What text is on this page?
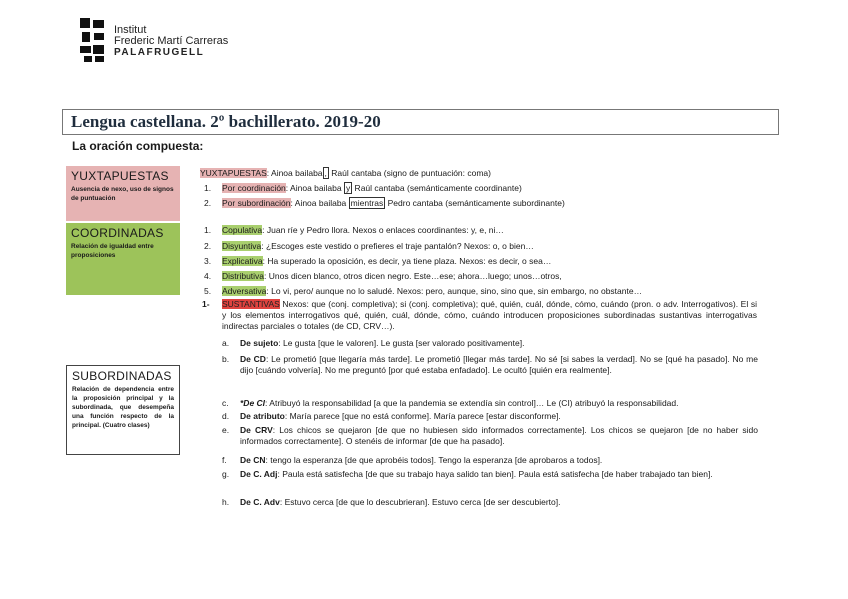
Institut
Frederic Martí Carreras
PALAFRUGELL
Lengua castellana. 2º bachillerato. 2019-20
La oración compuesta:
YUXTAPUESTAS
Ausencia de nexo, uso de signos de puntuación
COORDINADAS
Relación de igualdad entre proposiciones
SUBORDINADAS
Relación de dependencia entre la proposición principal y la subordinada, que desempeña una función respecto de la principal. (Cuatro clases)
YUXTAPUESTAS: Ainoa bailaba , Raúl cantaba (signo de puntuación: coma)
1. Por coordinación: Ainoa bailaba y Raúl cantaba (semánticamente coordinante)
2. Por subordinación: Ainoa bailaba mientras Pedro cantaba (semánticamente subordinante)
1. Copulativa: Juan ríe y Pedro llora. Nexos o enlaces coordinantes: y, e, ni…
2. Disyuntiva: ¿Escoges este vestido o prefieres el traje pantalón? Nexos: o, o bien…
3. Explicativa: Ha superado la oposición, es decir, ya tiene plaza. Nexos: es decir, o sea…
4. Distributiva: Unos dicen blanco, otros dicen negro. Este…ese; ahora…luego; unos…otros,
5. Adversativa: Lo vi, pero/ aunque no lo saludé. Nexos: pero, aunque, sino, sino que, sin embargo, no obstante…
1- SUSTANTIVAS Nexos: que (conj. completiva); si (conj. completiva); qué, quién, cuál, dónde, cómo, cuándo (pron. o adv. Interrogativos). El si y los elementos interrogativos qué, quién, cuál, dónde, cómo, cuándo introducen proposiciones subordinadas sustantivas interrogativas indirectas parciales o totales (de CD, CRV…).
a. De sujeto: Le gusta [que le valoren]. Le gusta [ser valorado positivamente].
b. De CD: Le prometió [que llegaría más tarde]. Le prometió [llegar más tarde]. No sé [si sabes la verdad]. No se [qué ha pasado]. No me dijo [cuándo volvería]. No me preguntó [por qué estaba enfadado]. Le ocultó [quién era realmente].
c. *De CI: Atribuyó la responsabilidad [a que la pandemia se extendía sin control]… Le (CI) atribuyó la responsabilidad.
d. De atributo: María parece [que no está conforme]. María parece [estar disconforme].
e. De CRV: Los chicos se quejaron [de que no hubiesen sido informados correctamente]. Los chicos se quejaron [de no haber sido informados correctamente]. O stenéis de informar [de que ha pasado].
f. De CN: tengo la esperanza [de que aprobéis todos]. Tengo la esperanza [de aprobaros a todos].
g. De C. Adj: Paula está satisfecha [de que su trabajo haya salido tan bien]. Paula está satisfecha [de haber trabajado tan bien].
h. De C. Adv: Estuvo cerca [de que lo descubrieran]. Estuvo cerca [de ser descubierto].
